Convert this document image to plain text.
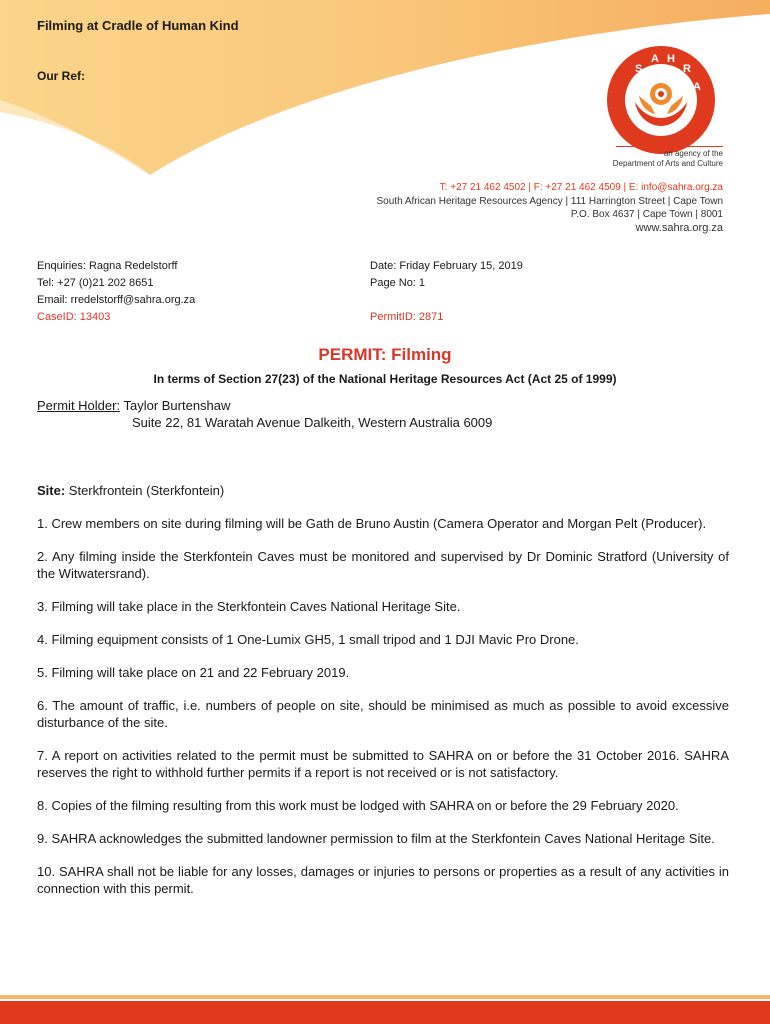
Filming at Cradle of Human Kind
Our Ref:	S
A H
R
A
an agency of the
Department of Arts and Culture
T: +27 21 462 4502 | F: +27 21 462 4509 | E: info@sahra.org.za
South African Heritage Resources Agency | 111 Harrington Street | Cape Town
P.O. Box 4637 | Cape Town | 8001
www.sahra.org.za
Enquiries: Ragna Redelstorff
Tel: +27 (0)21 202 8651
Email: rredelstorff@sahra.org.za
CaseID: 13403
Date: Friday February 15, 2019
Page No: 1
PermitID: 2871
PERMIT: Filming
In terms of Section 27(23) of the National Heritage Resources Act (Act 25 of 1999)
Permit Holder: Taylor Burtenshaw
Suite 22, 81 Waratah Avenue Dalkeith, Western Australia 6009
Site: Sterkfrontein (Sterkfontein)

1. Crew members on site during filming will be Gath de Bruno Austin (Camera Operator and Morgan Pelt (Producer).

2. Any filming inside the Sterkfontein Caves must be monitored and supervised by Dr Dominic Stratford (University of the Witwatersrand).

3. Filming will take place in the Sterkfontein Caves National Heritage Site.

4. Filming equipment consists of 1 One-Lumix GH5, 1 small tripod and 1 DJI Mavic Pro Drone.

5. Filming will take place on 21 and 22 February 2019.

6. The amount of traffic, i.e. numbers of people on site, should be minimised as much as possible to avoid excessive disturbance of the site.

7. A report on activities related to the permit must be submitted to SAHRA on or before the 31 October 2016. SAHRA reserves the right to withhold further permits if a report is not received or is not satisfactory.

8. Copies of the filming resulting from this work must be lodged with SAHRA on or before the 29 February 2020.

9. SAHRA acknowledges the submitted landowner permission to film at the Sterkfontein Caves National Heritage Site.

10. SAHRA shall not be liable for any losses, damages or injuries to persons or properties as a result of any activities in connection with this permit.
